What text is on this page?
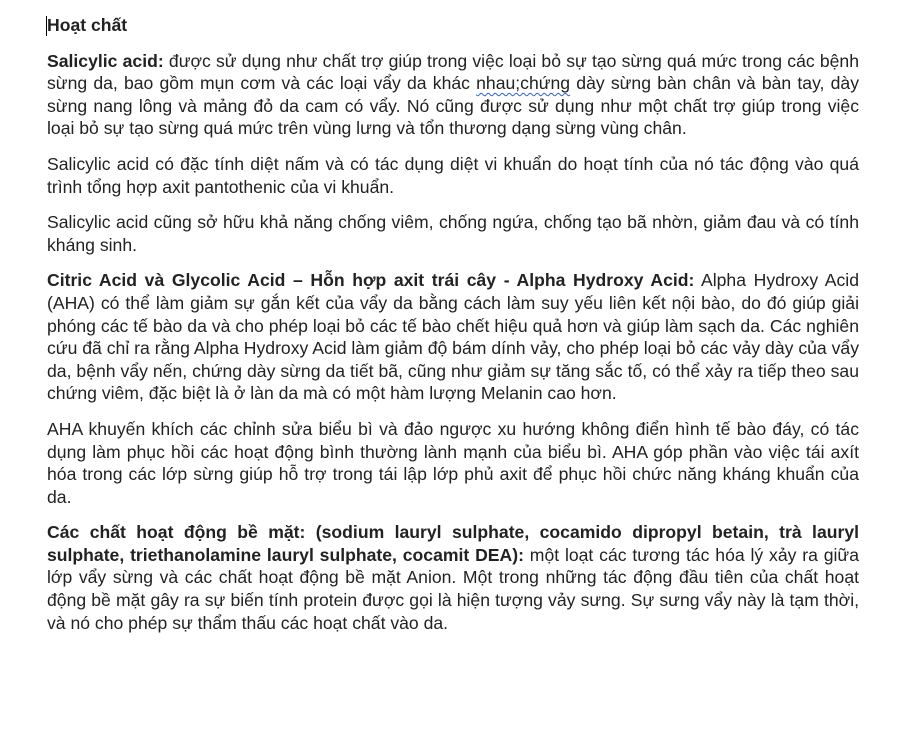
Hoạt chất

Salicylic acid: được sử dụng như chất trợ giúp trong việc loại bỏ sự tạo sừng quá mức trong các bệnh sừng da, bao gồm mụn cơm và các loại vẩy da khác nhau;chứng dày sừng bàn chân và bàn tay, dày sừng nang lông và mảng đỏ da cam có vẩy. Nó cũng được sử dụng như một chất trợ giúp trong việc loại bỏ sự tạo sừng quá mức trên vùng lưng và tổn thương dạng sừng vùng chân.

Salicylic acid có đặc tính diệt nấm và có tác dụng diệt vi khuẩn do hoạt tính của nó tác động vào quá trình tổng hợp axit pantothenic của vi khuẩn.

Salicylic acid cũng sở hữu khả năng chống viêm, chống ngứa, chống tạo bã nhờn, giảm đau và có tính kháng sinh.

Citric Acid và Glycolic Acid – Hỗn hợp axit trái cây - Alpha Hydroxy Acid: Alpha Hydroxy Acid (AHA) có thể làm giảm sự gắn kết của vẩy da bằng cách làm suy yếu liên kết nội bào, do đó giúp giải phóng các tế bào da và cho phép loại bỏ các tế bào chết hiệu quả hơn và giúp làm sạch da. Các nghiên cứu đã chỉ ra rằng Alpha Hydroxy Acid làm giảm độ bám dính vảy, cho phép loại bỏ các vảy dày của vẩy da, bệnh vẩy nến, chứng dày sừng da tiết bã, cũng như giảm sự tăng sắc tố, có thể xảy ra tiếp theo sau chứng viêm, đặc biệt là ở làn da mà có một hàm lượng Melanin cao hơn.

AHA khuyến khích các chỉnh sửa biểu bì và đảo ngược xu hướng không điển hình tế bào đáy, có tác dụng làm phục hồi các hoạt động bình thường lành mạnh của biểu bì. AHA góp phần vào việc tái axít hóa trong các lớp sừng giúp hỗ trợ trong tái lập lớp phủ axit để phục hồi chức năng kháng khuẩn của da.

Các chất hoạt động bề mặt: (sodium lauryl sulphate, cocamido dipropyl betain, trà lauryl sulphate, triethanolamine lauryl sulphate, cocamit DEA): một loạt các tương tác hóa lý xảy ra giữa lớp vẩy sừng và các chất hoạt động bề mặt Anion. Một trong những tác động đầu tiên của chất hoạt động bề mặt gây ra sự biến tính protein được gọi là hiện tượng vảy sưng. Sự sưng vẩy này là tạm thời, và nó cho phép sự thẩm thấu các hoạt chất vào da.
